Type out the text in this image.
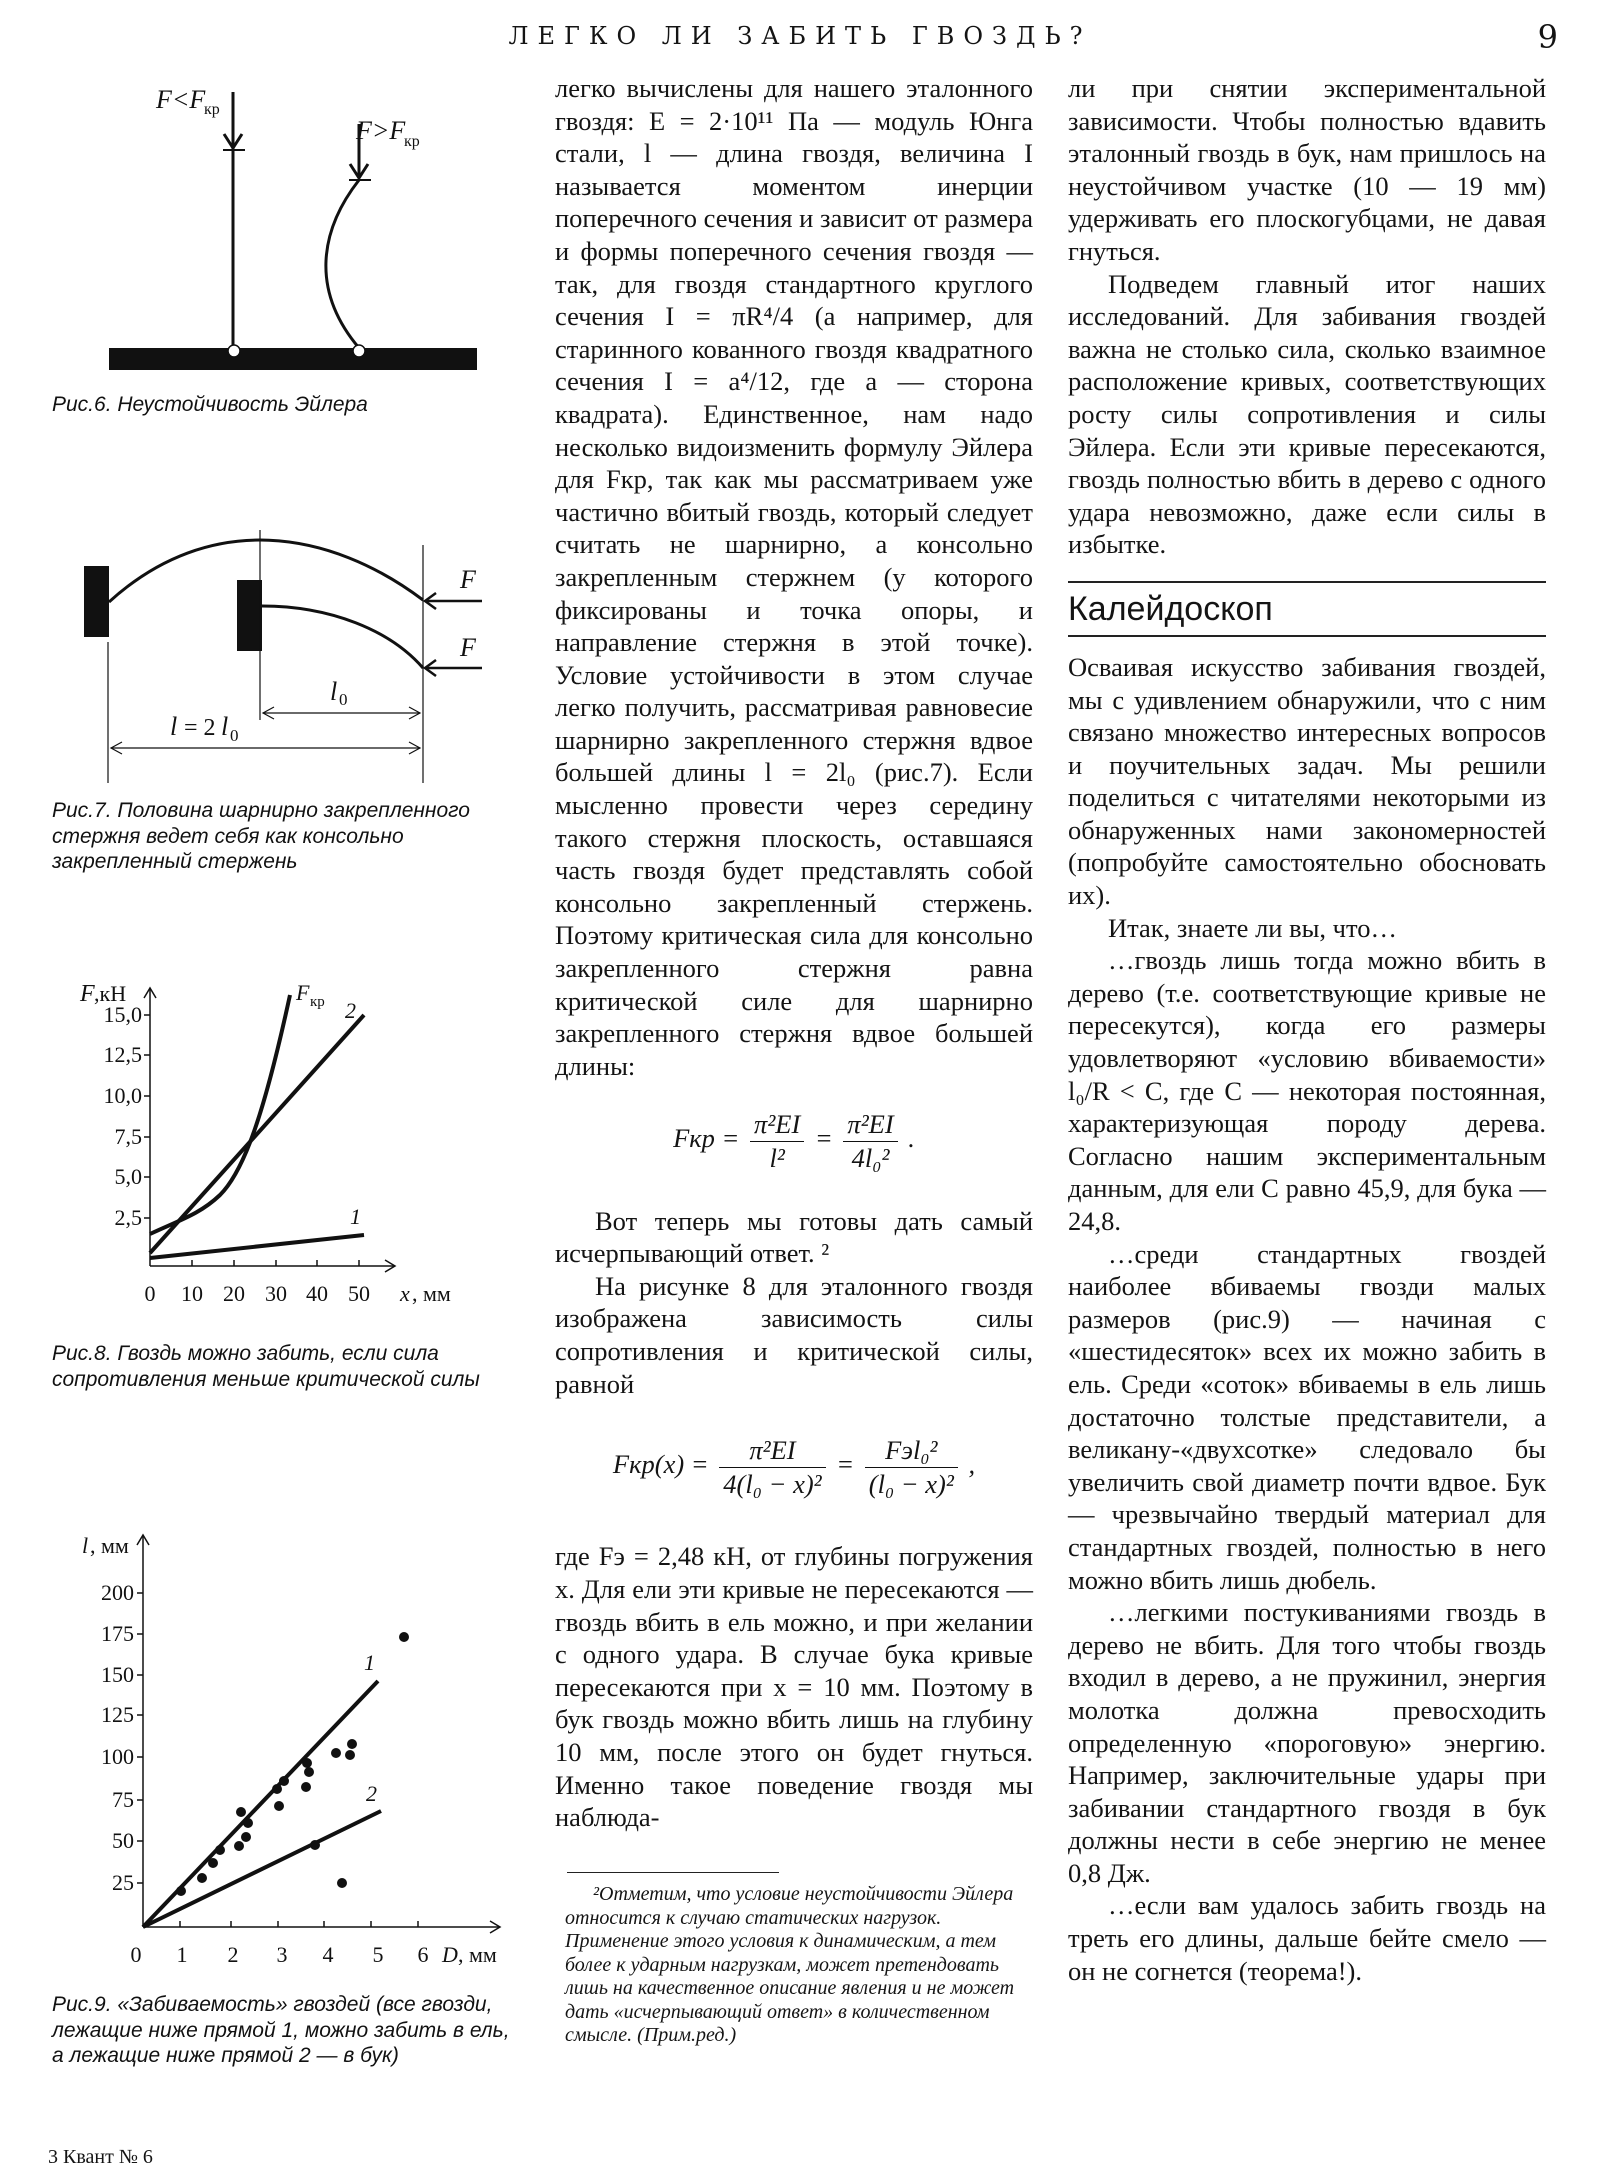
ЛЕГКО ЛИ ЗАБИТЬ ГВОЗДЬ?	9
F<F
кр
F>F
кр
Рис.6. Неустойчивость Эйлера
F
F
l 0
l = 2 l 0
Рис.7. Половина шарнирно закрепленного стержня ведет себя как консольно закрепленный стержень
F ,кН
2,5
5,0
7,5
10,0
12,5
15,0
0 10 20 30 40 50 x , мм
F кр 2
1
Рис.8. Гвоздь можно забить, если сила сопротивления меньше критической силы
l , мм
25
50
75
100
125
150
175
200
0 1 2 3 4 5 6 D , мм
1
2
Рис.9. «Забиваемость» гвоздей (все гвозди, лежащие ниже прямой 1, можно забить в ель, а лежащие ниже прямой 2 — в бук)

легко вычислены для нашего эталонного гвоздя: E = 2·10¹¹ Па — модуль Юнга стали, l — длина гвоздя, величина I называется моментом инерции поперечного сечения и зависит от размера и формы поперечного сечения гвоздя — так, для гвоздя стандартного круглого сечения I = πR⁴/4 (а например, для старинного кованного гвоздя квадратного сечения I = a⁴/12, где a — сторона квадрата). Единственное, нам надо несколько видоизменить формулу Эйлера для Fкр, так как мы рассматриваем уже частично вбитый гвоздь, который следует считать не шарнирно, а консольно закрепленным стержнем (у которого фиксированы и точка опоры, и направление стержня в этой точке). Условие устойчивости в этом случае легко получить, рассматривая равновесие шарнирно закрепленного стержня вдвое большей длины l = 2l₀ (рис.7). Если мысленно провести через середину такого стержня плоскость, оставшаяся часть гвоздя будет представлять собой консольно закрепленный стержень. Поэтому критическая сила для консольно закрепленного стержня равна критической силе для шарнирно закрепленного стержня вдвое большей длины:

Fкр = $\frac{\text{π²EI}}{\text{l²}} = \frac{\text{π²EI}}{\text{4l₀²}}$ .

Вот теперь мы готовы дать самый исчерпывающий ответ. ²

На рисунке 8 для эталонного гвоздя изображена зависимость силы сопротивления и критической силы, равной

$Fкр(x) = \frac{\text{π²EI}}{\text{4(l₀ − x)²}} = \frac{\text{Fэl₀²}}{\text{(l₀ − x)²}}$ ,

где Fэ = 2,48 кН, от глубины погружения x. Для ели эти кривые не пересекаются — гвоздь вбить в ель можно, и при желании с одного удара. В случае бука кривые пересекаются при x = 10 мм. Поэтому в бук гвоздь можно вбить лишь на глубину 10 мм, после этого он будет гнуться. Именно такое поведение гвоздя мы наблюда-

²Отметим, что условие неустойчивости Эйлера относится к случаю статических нагрузок. Применение этого условия к динамическим, а тем более к ударным нагрузкам, может претендовать лишь на качественное описание явления и не может дать «исчерпывающий ответ» в количественном смысле. (Прим.ред.)

ли при снятии экспериментальной зависимости. Чтобы полностью вдавить эталонный гвоздь в бук, нам пришлось на неустойчивом участке (10 — 19 мм) удерживать его плоскогубцами, не давая гнуться.

Подведем главный итог наших исследований. Для забивания гвоздей важна не столько сила, сколько взаимное расположение кривых, соответствующих росту силы сопротивления и силы Эйлера. Если эти кривые пересекаются, гвоздь полностью вбить в дерево с одного удара невозможно, даже если силы в избытке.

Калейдоскоп

Осваивая искусство забивания гвоздей, мы с удивлением обнаружили, что с ним связано множество интересных вопросов и поучительных задач. Мы решили поделиться с читателями некоторыми из обнаруженных нами закономерностей (попробуйте самостоятельно обосновать их).

Итак, знаете ли вы, что…

…гвоздь лишь тогда можно вбить в дерево (т.е. соответствующие кривые не пересекутся), когда его размеры удовлетворяют «условию вбиваемости» l₀/R < C, где C — некоторая постоянная, характеризующая породу дерева. Согласно нашим экспериментальным данным, для ели C равно 45,9, для бука — 24,8.

…среди стандартных гвоздей наиболее вбиваемы гвозди малых размеров (рис.9) — начиная с «шестидесяток» всех их можно забить в ель. Среди «соток» вбиваемы в ель лишь достаточно толстые представители, а великану-«двухсотке» следовало бы увеличить свой диаметр почти вдвое. Бук — чрезвычайно твердый материал для стандартных гвоздей, полностью в него можно вбить лишь дюбель.

…легкими постукиваниями гвоздь в дерево не вбить. Для того чтобы гвоздь входил в дерево, а не пружинил, энергия молотка должна превосходить определенную «пороговую» энергию. Например, заключительные удары при забивании стандартного гвоздя в бук должны нести в себе энергию не менее 0,8 Дж.

…если вам удалось забить гвоздь на треть его длины, дальше бейте смело — он не согнется (теорема!).

3 Квант № 6
